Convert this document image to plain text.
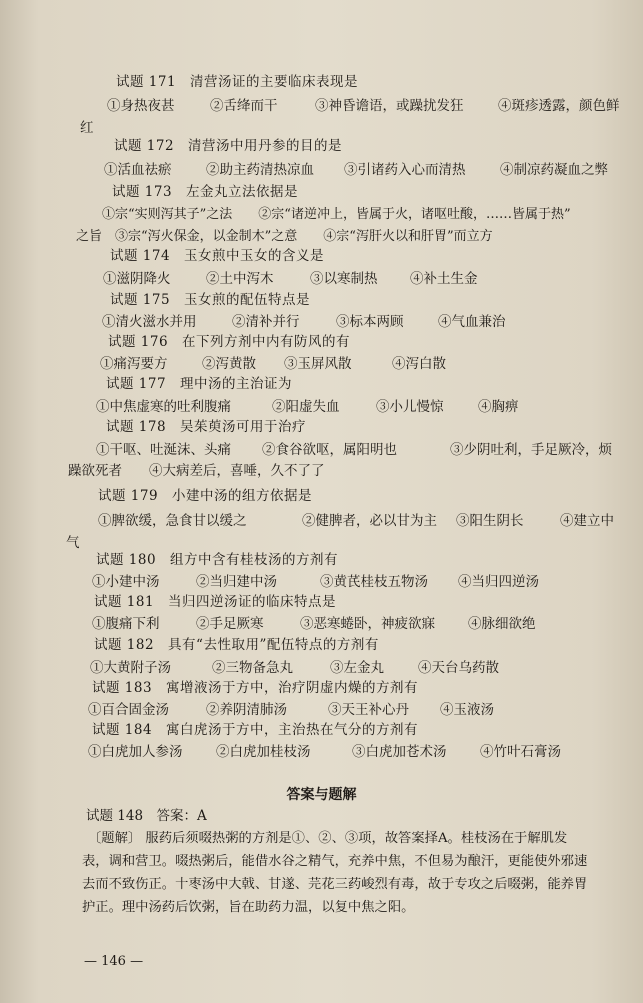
试题 171　清营汤证的主要临床表现是
①身热夜甚	②舌绛而干	③神昏谵语，或躁扰发狂	④斑疹透露，颜色鲜
红
试题 172　清营汤中用丹参的目的是
①活血祛瘀	②助主药清热凉血 ③引诸药入心而清热	④制凉药凝血之弊
试题 173　左金丸立法依据是
①宗“实则泻其子”之法　　②宗“诸逆冲上，皆属于火，诸呕吐酸，……皆属于热”
之旨　③宗“泻火保金，以金制木”之意　　④宗“泻肝火以和肝胃”而立方
试题 174　玉女煎中玉女的含义是
①滋阴降火	②土中泻木	③以寒制热 ④补土生金
试题 175　玉女煎的配伍特点是
①清火滋水并用	②清补并行	③标本两顾	④气血兼治
试题 176　在下列方剂中内有防风的有
①痛泻要方	②泻黄散 ③玉屏风散	④泻白散
试题 177　理中汤的主治证为
①中焦虚寒的吐利腹痛	②阳虚失血	③小儿慢惊	④胸痹
试题 178　吴茱萸汤可用于治疗
①干呕、吐涎沫、头痛 ②食谷欲呕，属阳明也	③少阴吐利，手足厥冷，烦
躁欲死者　　④大病差后，喜唾，久不了了
试题 179　小建中汤的组方依据是
①脾欲缓，急食甘以缓之	②健脾者，必以甘为主 ③阳生阴长	④建立中
气
试题 180　组方中含有桂枝汤的方剂有
①小建中汤	②当归建中汤	③黄芪桂枝五物汤 ④当归四逆汤
试题 181　当归四逆汤证的临床特点是
①腹痛下利	②手足厥寒	③恶寒蜷卧，神疲欲寐 ④脉细欲绝
试题 182　具有“去性取用”配伍特点的方剂有
①大黄附子汤	②三物备急丸	③左金丸	④天台乌药散
试题 183　寓增液汤于方中，治疗阴虚内燥的方剂有
①百合固金汤	②养阴清肺汤	③天王补心丹 ④玉液汤
试题 184　寓白虎汤于方中，主治热在气分的方剂有
①白虎加人参汤 ②白虎加桂枝汤	③白虎加苍术汤 ④竹叶石膏汤
答案与题解
试题 148　答案：A
〔题解〕 服药后须啜热粥的方剂是①、②、③项，故答案择A。桂枝汤在于解肌发
表，调和营卫。啜热粥后，能借水谷之精气，充养中焦，不但易为酿汗，更能使外邪速
去而不致伤正。十枣汤中大戟、甘遂、芫花三药峻烈有毒，故于专攻之后啜粥，能养胃
护正。理中汤药后饮粥，旨在助药力温，以复中焦之阳。
— 146 —
